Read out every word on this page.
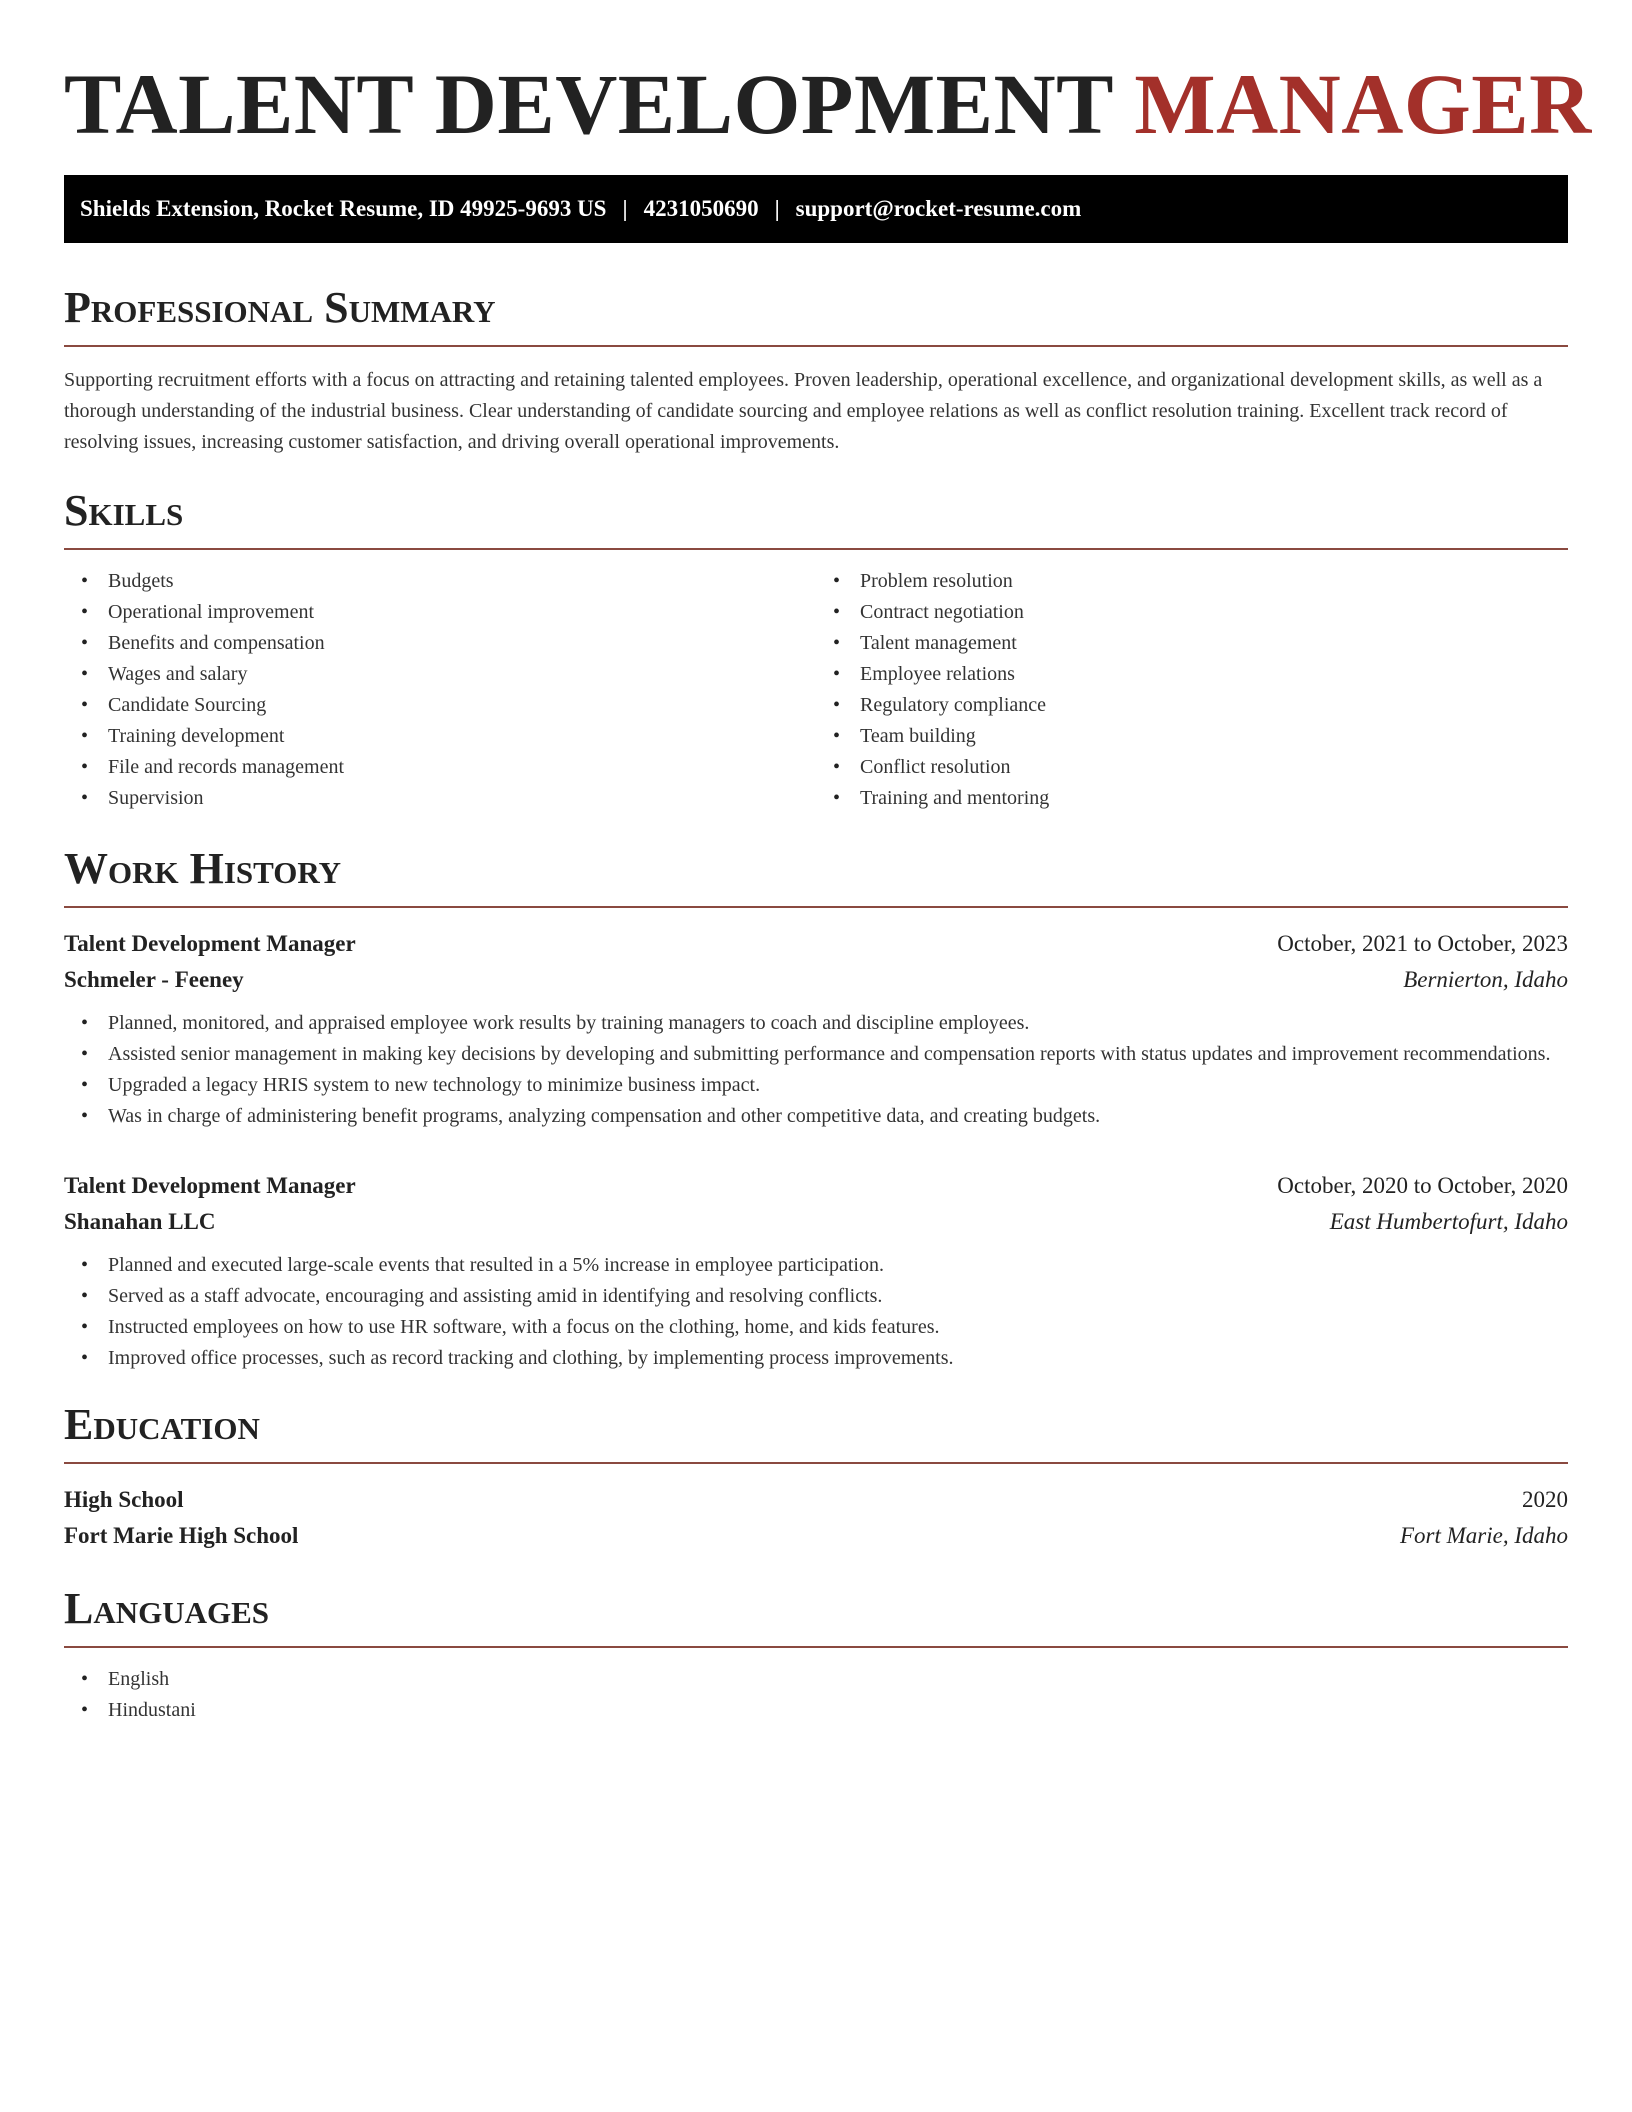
TALENT DEVELOPMENT MANAGER
Shields Extension, Rocket Resume, ID 49925-9693 US | 4231050690 | support@rocket-resume.com
Professional Summary

Supporting recruitment efforts with a focus on attracting and retaining talented employees. Proven leadership, operational excellence, and organizational development skills, as well as a thorough understanding of the industrial business. Clear understanding of candidate sourcing and employee relations as well as conflict resolution training. Excellent track record of resolving issues, increasing customer satisfaction, and driving overall operational improvements.

Skills
• Budgets
• Operational improvement
• Benefits and compensation
• Wages and salary
• Candidate Sourcing
• Training development
• File and records management
• Supervision
• Problem resolution
• Contract negotiation
• Talent management
• Employee relations
• Regulatory compliance
• Team building
• Conflict resolution
• Training and mentoring
Work History
Talent Development Manager	October, 2021 to October, 2023
Schmeler - Feeney	Bernierton, Idaho
• Planned, monitored, and appraised employee work results by training managers to coach and discipline employees.
• Assisted senior management in making key decisions by developing and submitting performance and compensation reports with status updates and improvement recommendations.
• Upgraded a legacy HRIS system to new technology to minimize business impact.
• Was in charge of administering benefit programs, analyzing compensation and other competitive data, and creating budgets.
Talent Development Manager	October, 2020 to October, 2020
Shanahan LLC	East Humbertofurt, Idaho
• Planned and executed large-scale events that resulted in a 5% increase in employee participation.
• Served as a staff advocate, encouraging and assisting amid in identifying and resolving conflicts.
• Instructed employees on how to use HR software, with a focus on the clothing, home, and kids features.
• Improved office processes, such as record tracking and clothing, by implementing process improvements.
Education
High School	2020
Fort Marie High School	Fort Marie, Idaho
Languages
• English
• Hindustani
